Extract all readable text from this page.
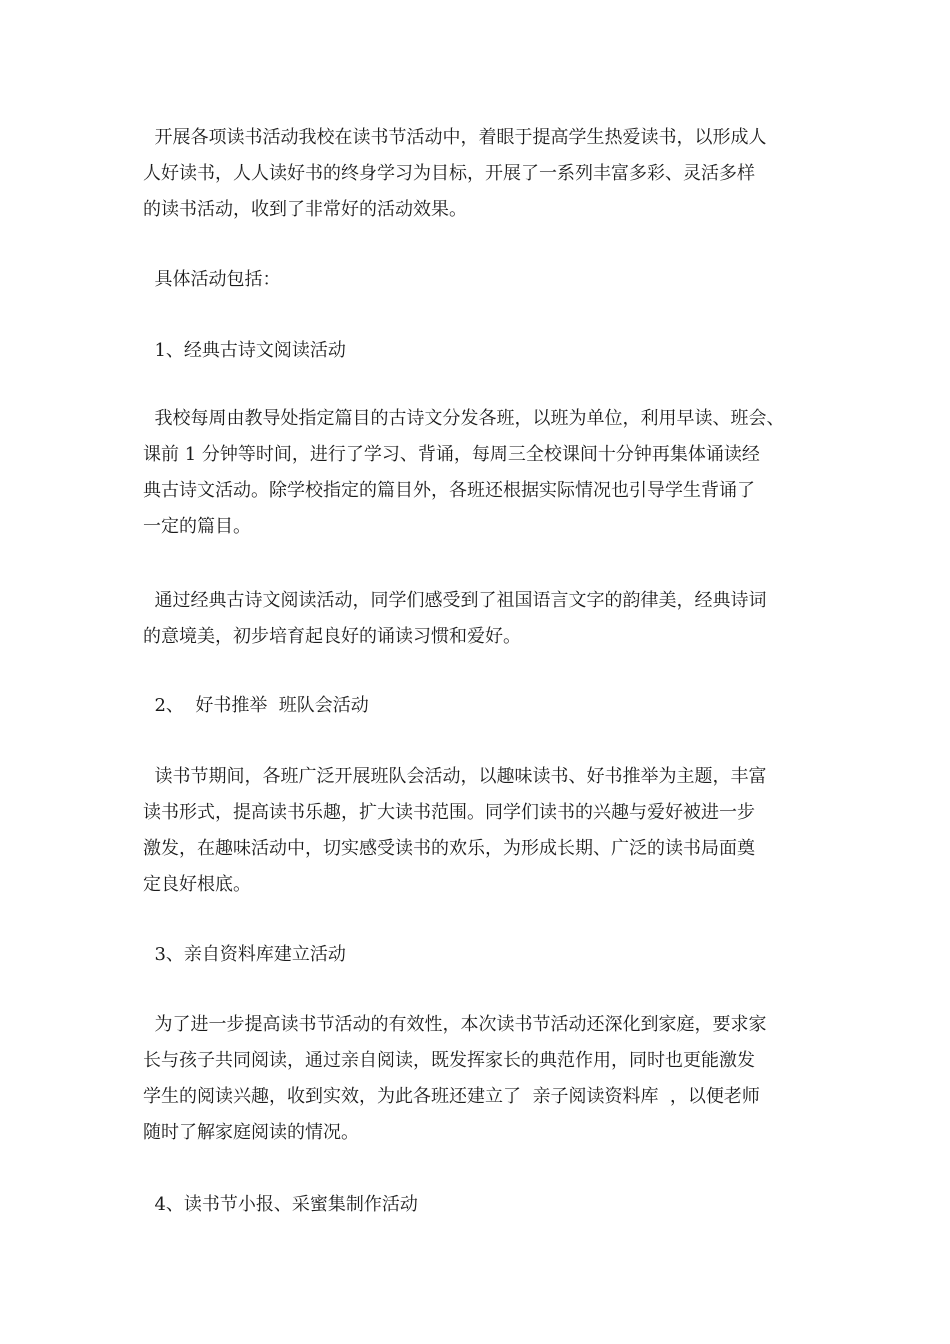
开展各项读书活动我校在读书节活动中，着眼于提高学生热爱读书，以形成人
人好读书，人人读好书的终身学习为目标，开展了一系列丰富多彩、灵活多样
的读书活动，收到了非常好的活动效果。
具体活动包括：
1、经典古诗文阅读活动
我校每周由教导处指定篇目的古诗文分发各班，以班为单位，利用早读、班会、
课前 1 分钟等时间，进行了学习、背诵，每周三全校课间十分钟再集体诵读经
典古诗文活动。除学校指定的篇目外，各班还根据实际情况也引导学生背诵了
一定的篇目。
通过经典古诗文阅读活动，同学们感受到了祖国语言文字的韵律美，经典诗词
的意境美，初步培育起良好的诵读习惯和爱好。
2、  好书推举  班队会活动
读书节期间，各班广泛开展班队会活动，以趣味读书、好书推举为主题，丰富
读书形式，提高读书乐趣，扩大读书范围。同学们读书的兴趣与爱好被进一步
激发，在趣味活动中，切实感受读书的欢乐，为形成长期、广泛的读书局面奠
定良好根底。
3、亲自资料库建立活动
为了进一步提高读书节活动的有效性，本次读书节活动还深化到家庭，要求家
长与孩子共同阅读，通过亲自阅读，既发挥家长的典范作用，同时也更能激发
学生的阅读兴趣，收到实效，为此各班还建立了  亲子阅读资料库  ，以便老师
随时了解家庭阅读的情况。
4、读书节小报、采蜜集制作活动
